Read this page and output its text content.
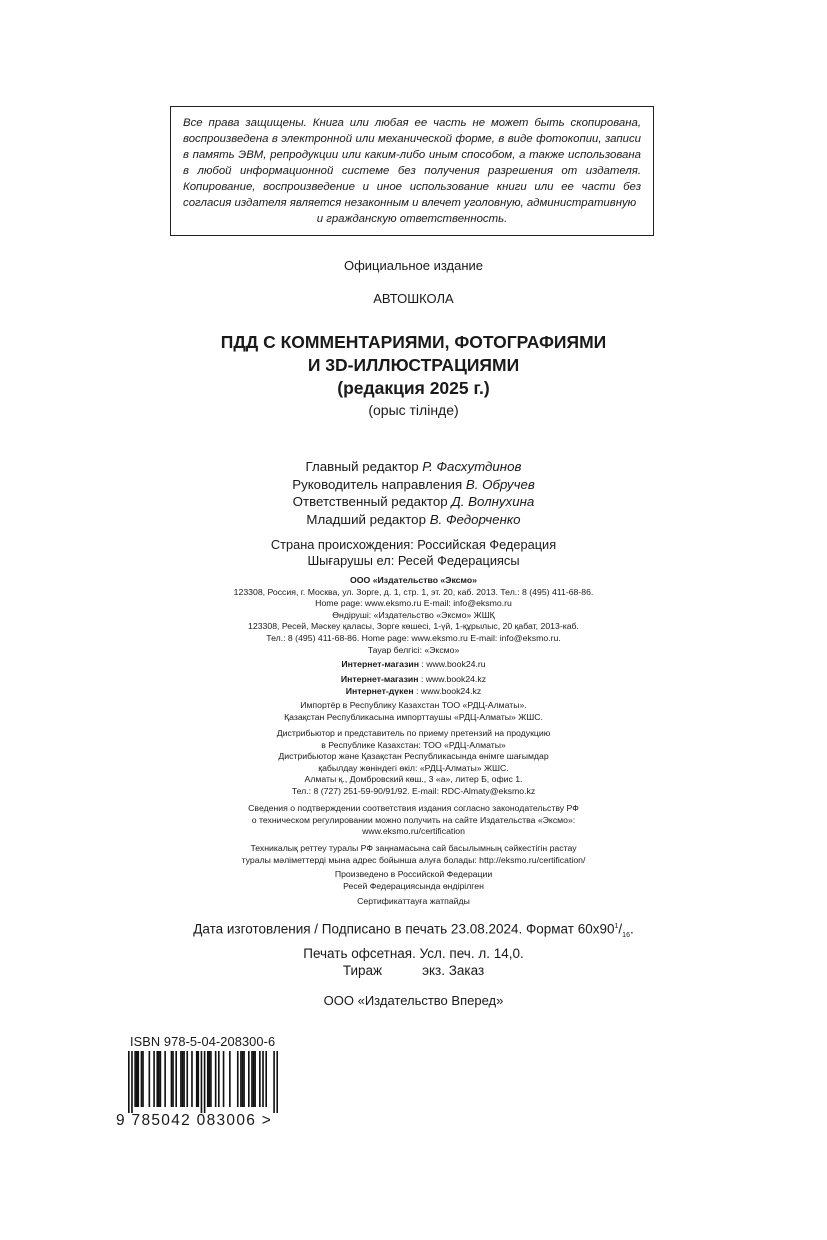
Все права защищены. Книга или любая ее часть не может быть скопирована, воспроизведена в электронной или механической форме, в виде фотокопии, записи в память ЭВМ, репродукции или каким-либо иным способом, а также использована в любой информационной системе без получения разрешения от издателя. Копирование, воспроизведение и иное использование книги или ее части без согласия издателя является незаконным и влечет уголовную, административную
и гражданскую ответственность.

Официальное издание
АВТОШКОЛА
ПДД С КОММЕНТАРИЯМИ, ФОТОГРАФИЯМИ
И 3D-ИЛЛЮСТРАЦИЯМИ
(редакция 2025 г.)
(орыс тілінде)
Главный редактор Р. Фасхутдинов
Руководитель направления В. Обручев
Ответственный редактор Д. Волнухина
Младший редактор В. Федорченко
Страна происхождения: Российская Федерация
Шығарушы ел: Ресей Федерациясы
ООО «Издательство «Эксмо»
123308, Россия, г. Москва, ул. Зорге, д. 1, стр. 1, эт. 20, каб. 2013. Тел.: 8 (495) 411-68-86.
Home page: www.eksmo.ru E-mail: info@eksmo.ru
Өндіруші: «Издательство «Эксмо» ЖШҚ
123308, Ресей, Мәскеу қаласы, Зорге көшесі, 1-үй, 1-құрылыс, 20 қабат, 2013-каб.
Тел.: 8 (495) 411-68-86. Home page: www.eksmo.ru E-mail: info@eksmo.ru.
Тауар белгісі: «Эксмо»
Интернет-магазин : www.book24.ru
Интернет-магазин : www.book24.kz
Интернет-дүкен : www.book24.kz
Импортёр в Республику Казахстан ТОО «РДЦ-Алматы».
Қазақстан Республикасына импорттаушы «РДЦ-Алматы» ЖШС.
Дистрибьютор и представитель по приему претензий на продукцию
в Республике Казахстан: ТОО «РДЦ-Алматы»
Дистрибьютор және Қазақстан Республикасында өнімге шағымдар
қабылдау жөніндегі өкіл: «РДЦ-Алматы» ЖШС.
Алматы қ., Домбровский көш., 3 «а», литер Б, офис 1.
Тел.: 8 (727) 251-59-90/91/92. E-mail: RDC-Almaty@eksmo.kz
Сведения о подтверждении соответствия издания согласно законодательству РФ
о техническом регулировании можно получить на сайте Издательства «Эксмо»:
www.eksmo.ru/certification
Техникалық реттеу туралы РФ заңнамасына сай басылымның сәйкестігін растау
туралы мәліметтерді мына адрес бойынша алуға болады: http://eksmo.ru/certification/
Произведено в Российской Федерации
Ресей Федерациясында өндірілген
Сертификаттауға жатпайды
Дата изготовления / Подписано в печать 23.08.2024. Формат $60x90^1/_{16}$.
Печать офсетная. Усл. печ. л. 14,0.
Тираж	экз. Заказ
ООО «Издательство Вперед»
ISBN 978-5-04-208300-6
9 785042 083006 >
